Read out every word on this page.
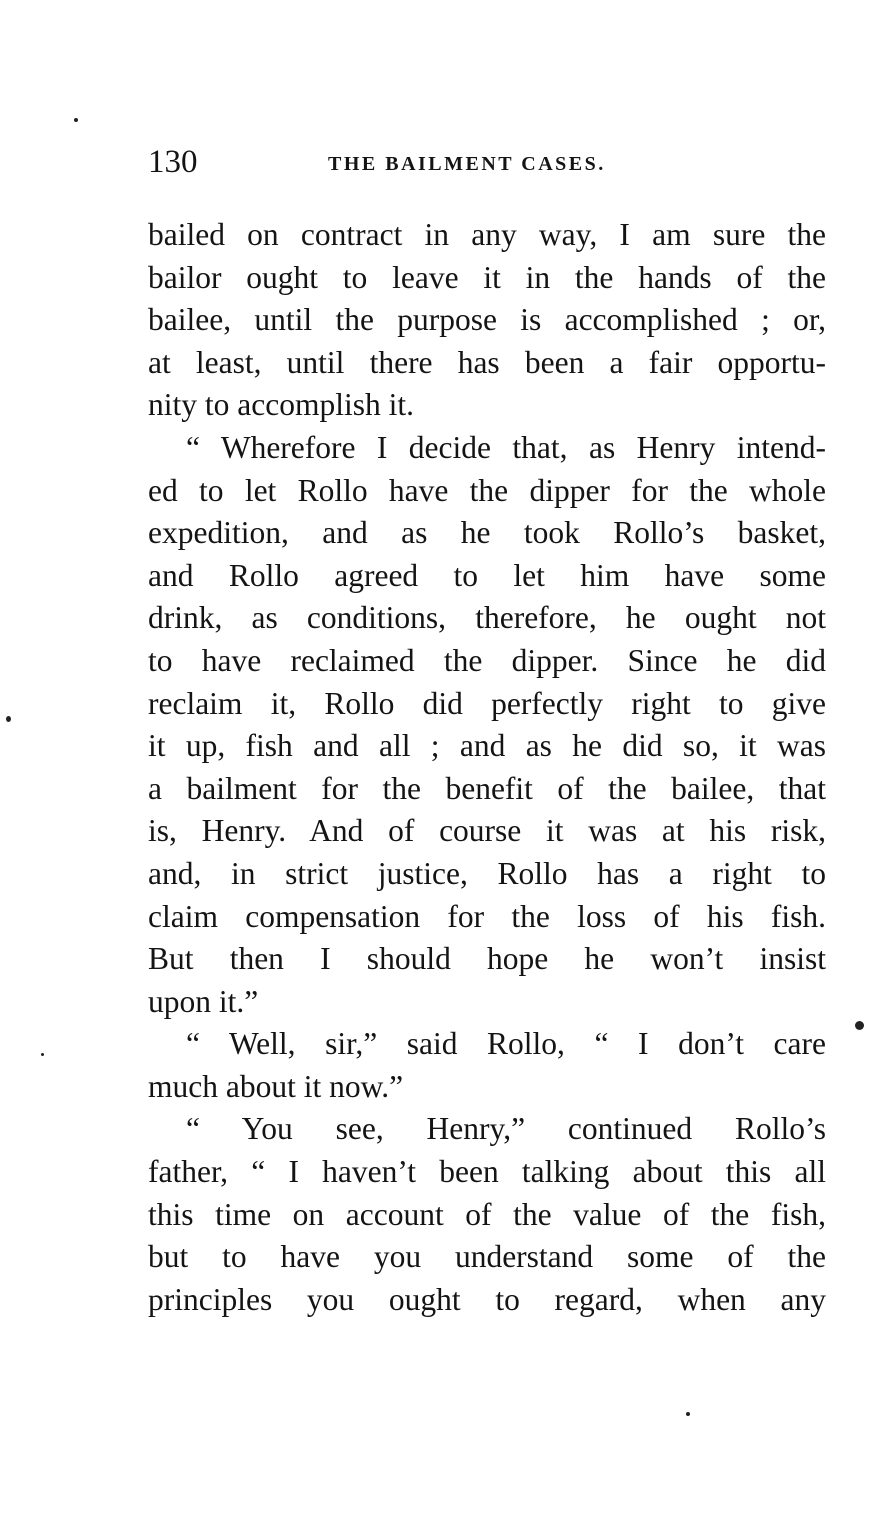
130	THE BAILMENT CASES.
bailed on contract in any way, I am sure the
bailor ought to leave it in the hands of the
bailee, until the purpose is accomplished ; or,
at least, until there has been a fair opportu-
nity to accomplish it.
“ Wherefore I decide that, as Henry intend-
ed to let Rollo have the dipper for the whole
expedition, and as he took Rollo’s basket,
and Rollo agreed to let him have some
drink, as conditions, therefore, he ought not
to have reclaimed the dipper. Since he did
reclaim it, Rollo did perfectly right to give
it up, fish and all ; and as he did so, it was
a bailment for the benefit of the bailee, that
is, Henry. And of course it was at his risk,
and, in strict justice, Rollo has a right to
claim compensation for the loss of his fish.
But then I should hope he won’t insist
upon it.”
“ Well, sir,” said Rollo, “ I don’t care
much about it now.”
“ You see, Henry,” continued Rollo’s
father, “ I haven’t been talking about this all
this time on account of the value of the fish,
but to have you understand some of the
principles you ought to regard, when any
